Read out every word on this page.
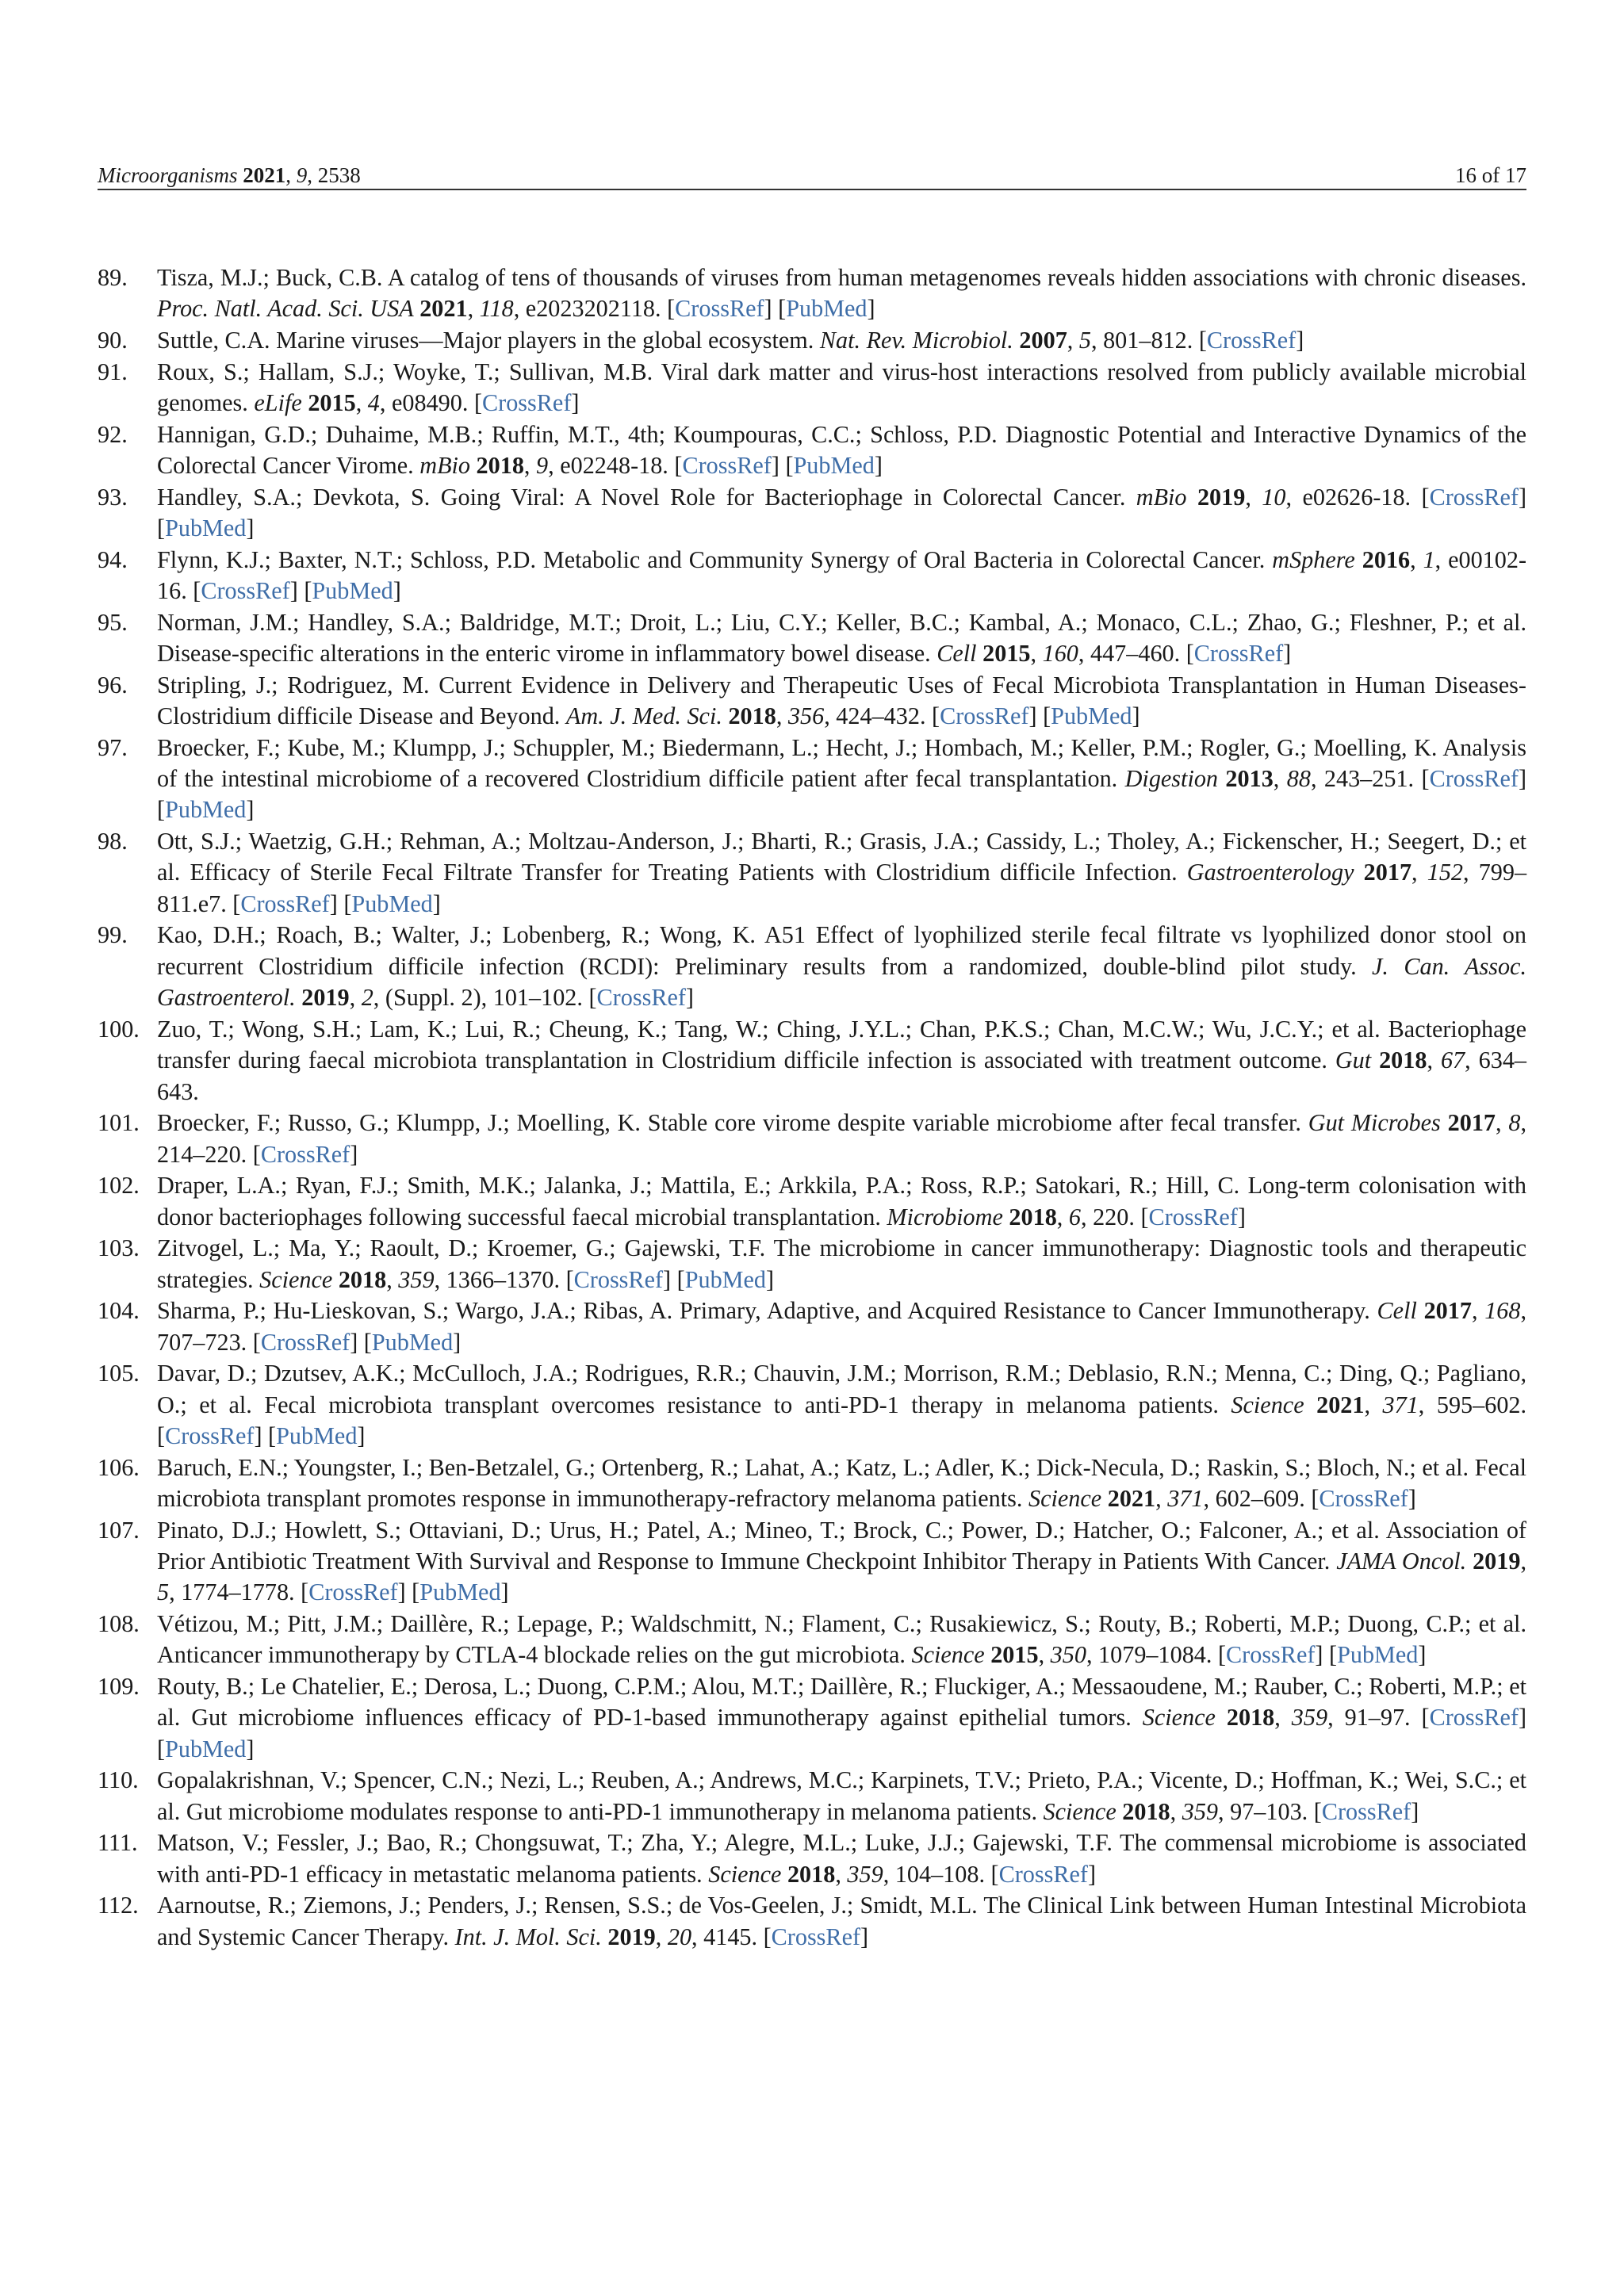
Microorganisms 2021, 9, 2538	16 of 17
89. Tisza, M.J.; Buck, C.B. A catalog of tens of thousands of viruses from human metagenomes reveals hidden associations with chronic diseases. Proc. Natl. Acad. Sci. USA 2021, 118, e2023202118. [CrossRef] [PubMed]
90. Suttle, C.A. Marine viruses—Major players in the global ecosystem. Nat. Rev. Microbiol. 2007, 5, 801–812. [CrossRef]
91. Roux, S.; Hallam, S.J.; Woyke, T.; Sullivan, M.B. Viral dark matter and virus-host interactions resolved from publicly available microbial genomes. eLife 2015, 4, e08490. [CrossRef]
92. Hannigan, G.D.; Duhaime, M.B.; Ruffin, M.T., 4th; Koumpouras, C.C.; Schloss, P.D. Diagnostic Potential and Interactive Dynamics of the Colorectal Cancer Virome. mBio 2018, 9, e02248-18. [CrossRef] [PubMed]
93. Handley, S.A.; Devkota, S. Going Viral: A Novel Role for Bacteriophage in Colorectal Cancer. mBio 2019, 10, e02626-18. [CrossRef] [PubMed]
94. Flynn, K.J.; Baxter, N.T.; Schloss, P.D. Metabolic and Community Synergy of Oral Bacteria in Colorectal Cancer. mSphere 2016, 1, e00102-16. [CrossRef] [PubMed]
95. Norman, J.M.; Handley, S.A.; Baldridge, M.T.; Droit, L.; Liu, C.Y.; Keller, B.C.; Kambal, A.; Monaco, C.L.; Zhao, G.; Fleshner, P.; et al. Disease-specific alterations in the enteric virome in inflammatory bowel disease. Cell 2015, 160, 447–460. [CrossRef]
96. Stripling, J.; Rodriguez, M. Current Evidence in Delivery and Therapeutic Uses of Fecal Microbiota Transplantation in Human Diseases-Clostridium difficile Disease and Beyond. Am. J. Med. Sci. 2018, 356, 424–432. [CrossRef] [PubMed]
97. Broecker, F.; Kube, M.; Klumpp, J.; Schuppler, M.; Biedermann, L.; Hecht, J.; Hombach, M.; Keller, P.M.; Rogler, G.; Moelling, K. Analysis of the intestinal microbiome of a recovered Clostridium difficile patient after fecal transplantation. Digestion 2013, 88, 243–251. [CrossRef] [PubMed]
98. Ott, S.J.; Waetzig, G.H.; Rehman, A.; Moltzau-Anderson, J.; Bharti, R.; Grasis, J.A.; Cassidy, L.; Tholey, A.; Fickenscher, H.; Seegert, D.; et al. Efficacy of Sterile Fecal Filtrate Transfer for Treating Patients with Clostridium difficile Infection. Gastroenterology 2017, 152, 799–811.e7. [CrossRef] [PubMed]
99. Kao, D.H.; Roach, B.; Walter, J.; Lobenberg, R.; Wong, K. A51 Effect of lyophilized sterile fecal filtrate vs lyophilized donor stool on recurrent Clostridium difficile infection (RCDI): Preliminary results from a randomized, double-blind pilot study. J. Can. Assoc. Gastroenterol. 2019, 2, (Suppl. 2), 101–102. [CrossRef]
100. Zuo, T.; Wong, S.H.; Lam, K.; Lui, R.; Cheung, K.; Tang, W.; Ching, J.Y.L.; Chan, P.K.S.; Chan, M.C.W.; Wu, J.C.Y.; et al. Bacteriophage transfer during faecal microbiota transplantation in Clostridium difficile infection is associated with treatment outcome. Gut 2018, 67, 634–643.
101. Broecker, F.; Russo, G.; Klumpp, J.; Moelling, K. Stable core virome despite variable microbiome after fecal transfer. Gut Microbes 2017, 8, 214–220. [CrossRef]
102. Draper, L.A.; Ryan, F.J.; Smith, M.K.; Jalanka, J.; Mattila, E.; Arkkila, P.A.; Ross, R.P.; Satokari, R.; Hill, C. Long-term colonisation with donor bacteriophages following successful faecal microbial transplantation. Microbiome 2018, 6, 220. [CrossRef]
103. Zitvogel, L.; Ma, Y.; Raoult, D.; Kroemer, G.; Gajewski, T.F. The microbiome in cancer immunotherapy: Diagnostic tools and therapeutic strategies. Science 2018, 359, 1366–1370. [CrossRef] [PubMed]
104. Sharma, P.; Hu-Lieskovan, S.; Wargo, J.A.; Ribas, A. Primary, Adaptive, and Acquired Resistance to Cancer Immunotherapy. Cell 2017, 168, 707–723. [CrossRef] [PubMed]
105. Davar, D.; Dzutsev, A.K.; McCulloch, J.A.; Rodrigues, R.R.; Chauvin, J.M.; Morrison, R.M.; Deblasio, R.N.; Menna, C.; Ding, Q.; Pagliano, O.; et al. Fecal microbiota transplant overcomes resistance to anti-PD-1 therapy in melanoma patients. Science 2021, 371, 595–602. [CrossRef] [PubMed]
106. Baruch, E.N.; Youngster, I.; Ben-Betzalel, G.; Ortenberg, R.; Lahat, A.; Katz, L.; Adler, K.; Dick-Necula, D.; Raskin, S.; Bloch, N.; et al. Fecal microbiota transplant promotes response in immunotherapy-refractory melanoma patients. Science 2021, 371, 602–609. [CrossRef]
107. Pinato, D.J.; Howlett, S.; Ottaviani, D.; Urus, H.; Patel, A.; Mineo, T.; Brock, C.; Power, D.; Hatcher, O.; Falconer, A.; et al. Association of Prior Antibiotic Treatment With Survival and Response to Immune Checkpoint Inhibitor Therapy in Patients With Cancer. JAMA Oncol. 2019, 5, 1774–1778. [CrossRef] [PubMed]
108. Vétizou, M.; Pitt, J.M.; Daillère, R.; Lepage, P.; Waldschmitt, N.; Flament, C.; Rusakiewicz, S.; Routy, B.; Roberti, M.P.; Duong, C.P.; et al. Anticancer immunotherapy by CTLA-4 blockade relies on the gut microbiota. Science 2015, 350, 1079–1084. [CrossRef] [PubMed]
109. Routy, B.; Le Chatelier, E.; Derosa, L.; Duong, C.P.M.; Alou, M.T.; Daillère, R.; Fluckiger, A.; Messaoudene, M.; Rauber, C.; Roberti, M.P.; et al. Gut microbiome influences efficacy of PD-1-based immunotherapy against epithelial tumors. Science 2018, 359, 91–97. [CrossRef] [PubMed]
110. Gopalakrishnan, V.; Spencer, C.N.; Nezi, L.; Reuben, A.; Andrews, M.C.; Karpinets, T.V.; Prieto, P.A.; Vicente, D.; Hoffman, K.; Wei, S.C.; et al. Gut microbiome modulates response to anti-PD-1 immunotherapy in melanoma patients. Science 2018, 359, 97–103. [CrossRef]
111. Matson, V.; Fessler, J.; Bao, R.; Chongsuwat, T.; Zha, Y.; Alegre, M.L.; Luke, J.J.; Gajewski, T.F. The commensal microbiome is associated with anti-PD-1 efficacy in metastatic melanoma patients. Science 2018, 359, 104–108. [CrossRef]
112. Aarnoutse, R.; Ziemons, J.; Penders, J.; Rensen, S.S.; de Vos-Geelen, J.; Smidt, M.L. The Clinical Link between Human Intestinal Microbiota and Systemic Cancer Therapy. Int. J. Mol. Sci. 2019, 20, 4145. [CrossRef]
